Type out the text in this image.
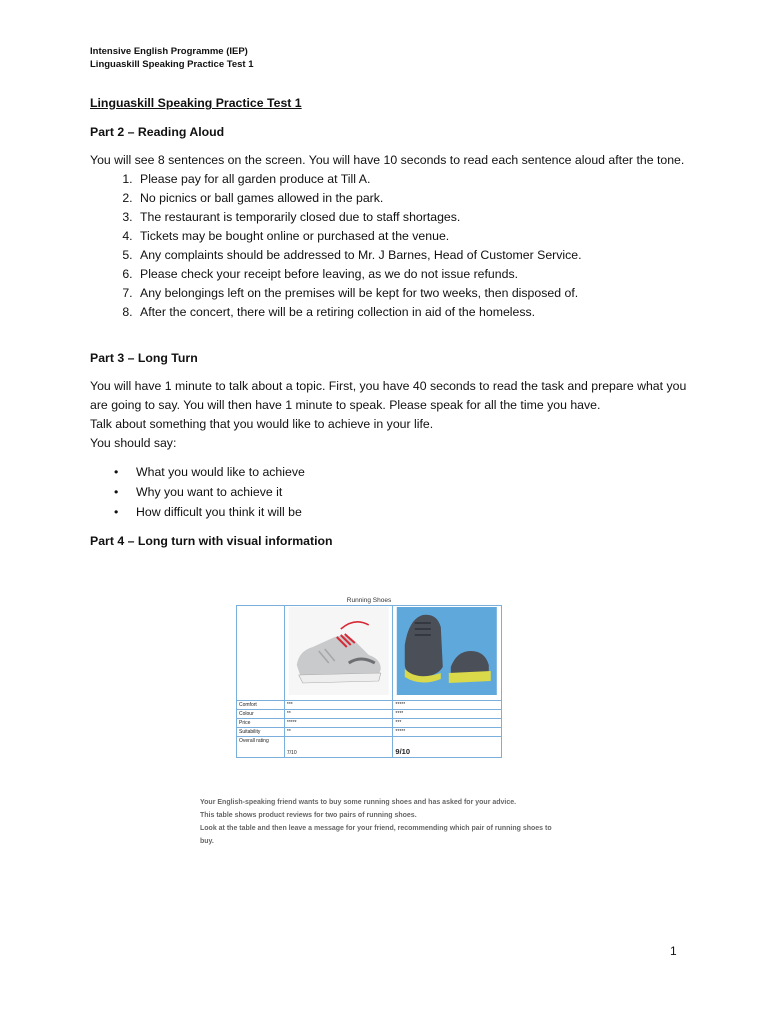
Intensive English Programme (IEP)
Linguaskill Speaking Practice Test 1
Linguaskill Speaking Practice Test 1
Part 2 – Reading Aloud
You will see 8 sentences on the screen. You will have 10 seconds to read each sentence aloud after the tone.
1. Please pay for all garden produce at Till A.
2. No picnics or ball games allowed in the park.
3. The restaurant is temporarily closed due to staff shortages.
4. Tickets may be bought online or purchased at the venue.
5. Any complaints should be addressed to Mr. J Barnes, Head of Customer Service.
6. Please check your receipt before leaving, as we do not issue refunds.
7. Any belongings left on the premises will be kept for two weeks, then disposed of.
8. After the concert, there will be a retiring collection in aid of the homeless.
Part 3 – Long Turn
You will have 1 minute to talk about a topic. First, you have 40 seconds to read the task and prepare what you are going to say. You will then have 1 minute to speak. Please speak for all the time you have.
Talk about something that you would like to achieve in your life.
You should say:
• What you would like to achieve
• Why you want to achieve it
• How difficult you think it will be
Part 4 – Long turn with visual information
Running Shoes

Comfort	***	*****
Colour	**	****
Price	*****	***
Suitability	**	*****
Overall rating	7/10	9/10
Your English-speaking friend wants to buy some running shoes and has asked for your advice.
This table shows product reviews for two pairs of running shoes.
Look at the table and then leave a message for your friend, recommending which pair of running shoes to buy.
1
